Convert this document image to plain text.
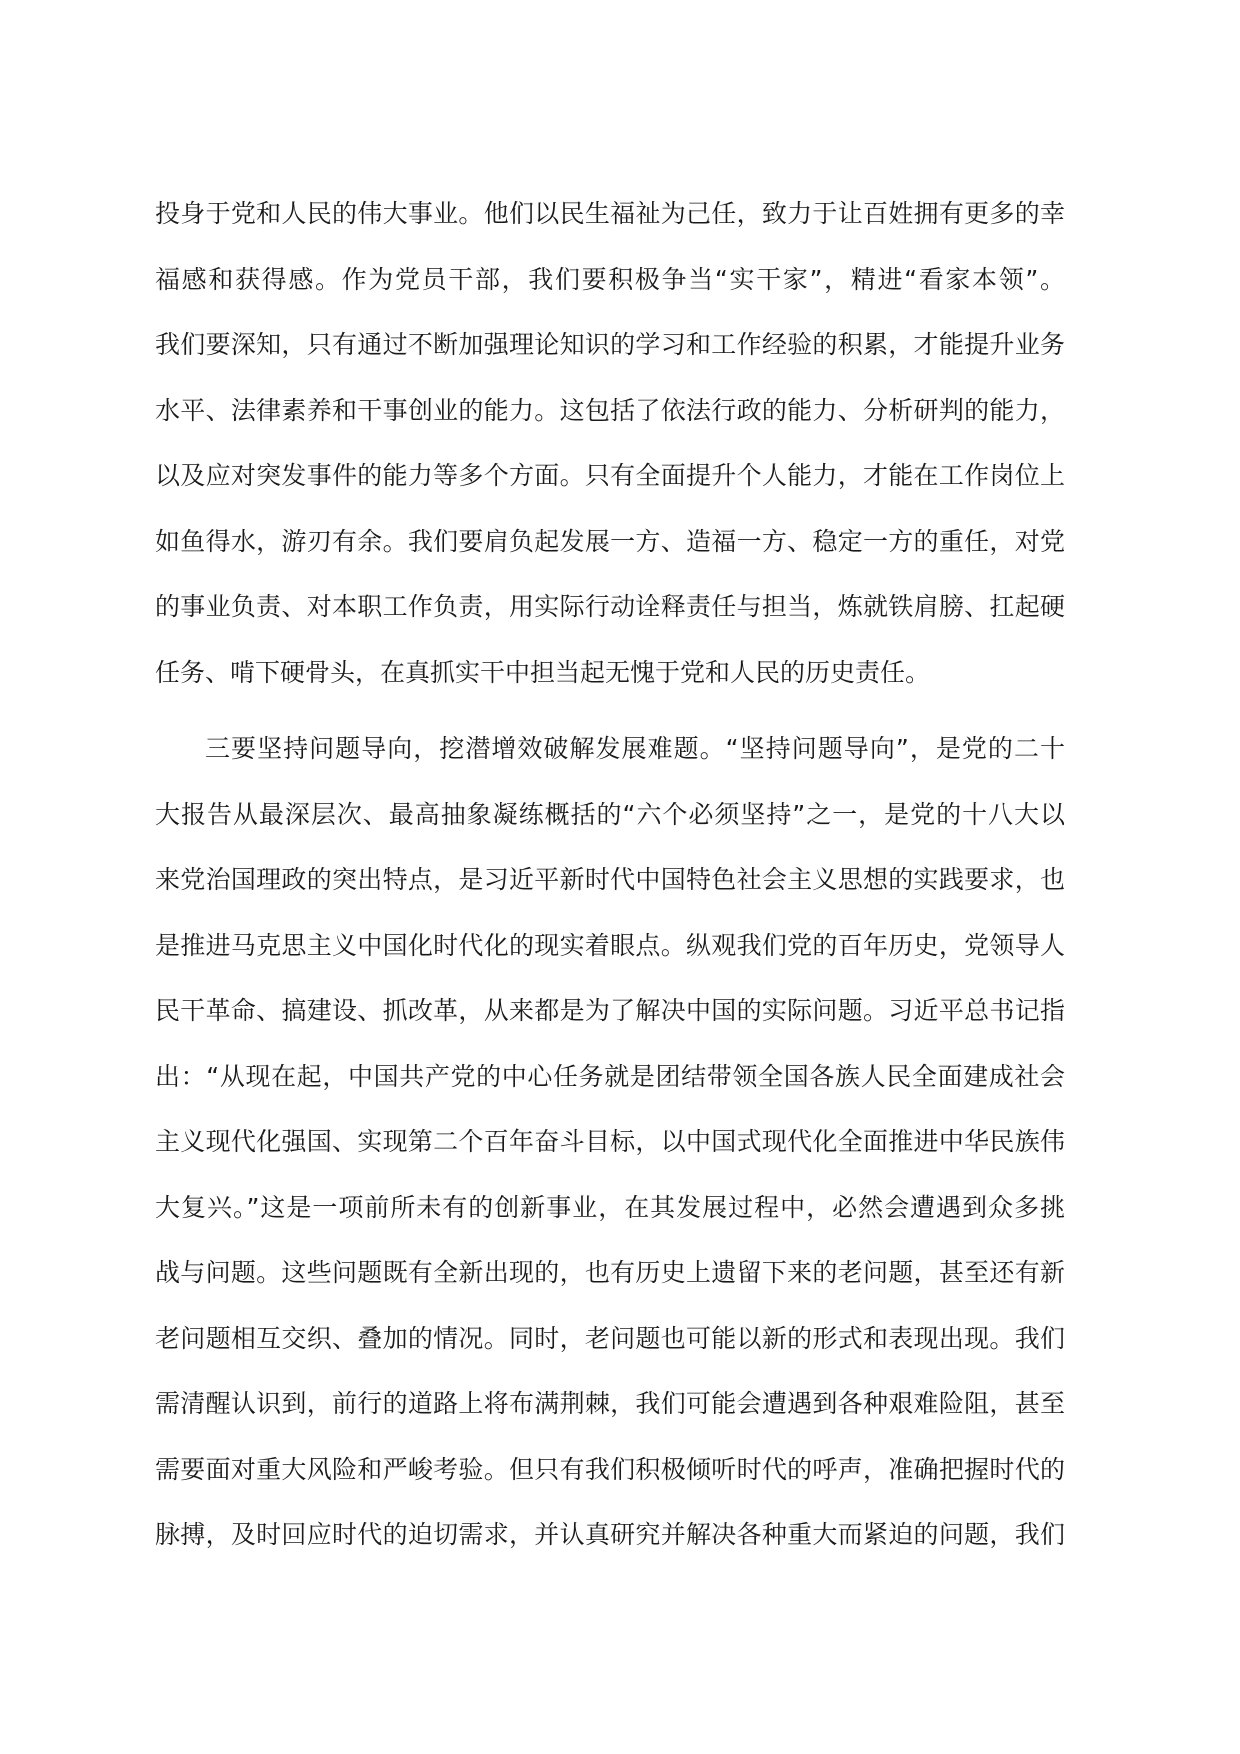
投身于党和人民的伟大事业。他们以民生福祉为己任，致力于让百姓拥有更多的幸
福感和获得感。作为党员干部，我们要积极争当“实干家”，精进“看家本领”。
我们要深知，只有通过不断加强理论知识的学习和工作经验的积累，才能提升业务
水平、法律素养和干事创业的能力。这包括了依法行政的能力、分析研判的能力，
以及应对突发事件的能力等多个方面。只有全面提升个人能力，才能在工作岗位上
如鱼得水，游刃有余。我们要肩负起发展一方、造福一方、稳定一方的重任，对党
的事业负责、对本职工作负责，用实际行动诠释责任与担当，炼就铁肩膀、扛起硬
任务、啃下硬骨头，在真抓实干中担当起无愧于党和人民的历史责任。
三要坚持问题导向，挖潜增效破解发展难题。“坚持问题导向”，是党的二十
大报告从最深层次、最高抽象凝练概括的“六个必须坚持”之一，是党的十八大以
来党治国理政的突出特点，是习近平新时代中国特色社会主义思想的实践要求，也
是推进马克思主义中国化时代化的现实着眼点。纵观我们党的百年历史，党领导人
民干革命、搞建设、抓改革，从来都是为了解决中国的实际问题。习近平总书记指
出：“从现在起，中国共产党的中心任务就是团结带领全国各族人民全面建成社会
主义现代化强国、实现第二个百年奋斗目标，以中国式现代化全面推进中华民族伟
大复兴。”这是一项前所未有的创新事业，在其发展过程中，必然会遭遇到众多挑
战与问题。这些问题既有全新出现的，也有历史上遗留下来的老问题，甚至还有新
老问题相互交织、叠加的情况。同时，老问题也可能以新的形式和表现出现。我们
需清醒认识到，前行的道路上将布满荆棘，我们可能会遭遇到各种艰难险阻，甚至
需要面对重大风险和严峻考验。但只有我们积极倾听时代的呼声，准确把握时代的
脉搏，及时回应时代的迫切需求，并认真研究并解决各种重大而紧迫的问题，我们
